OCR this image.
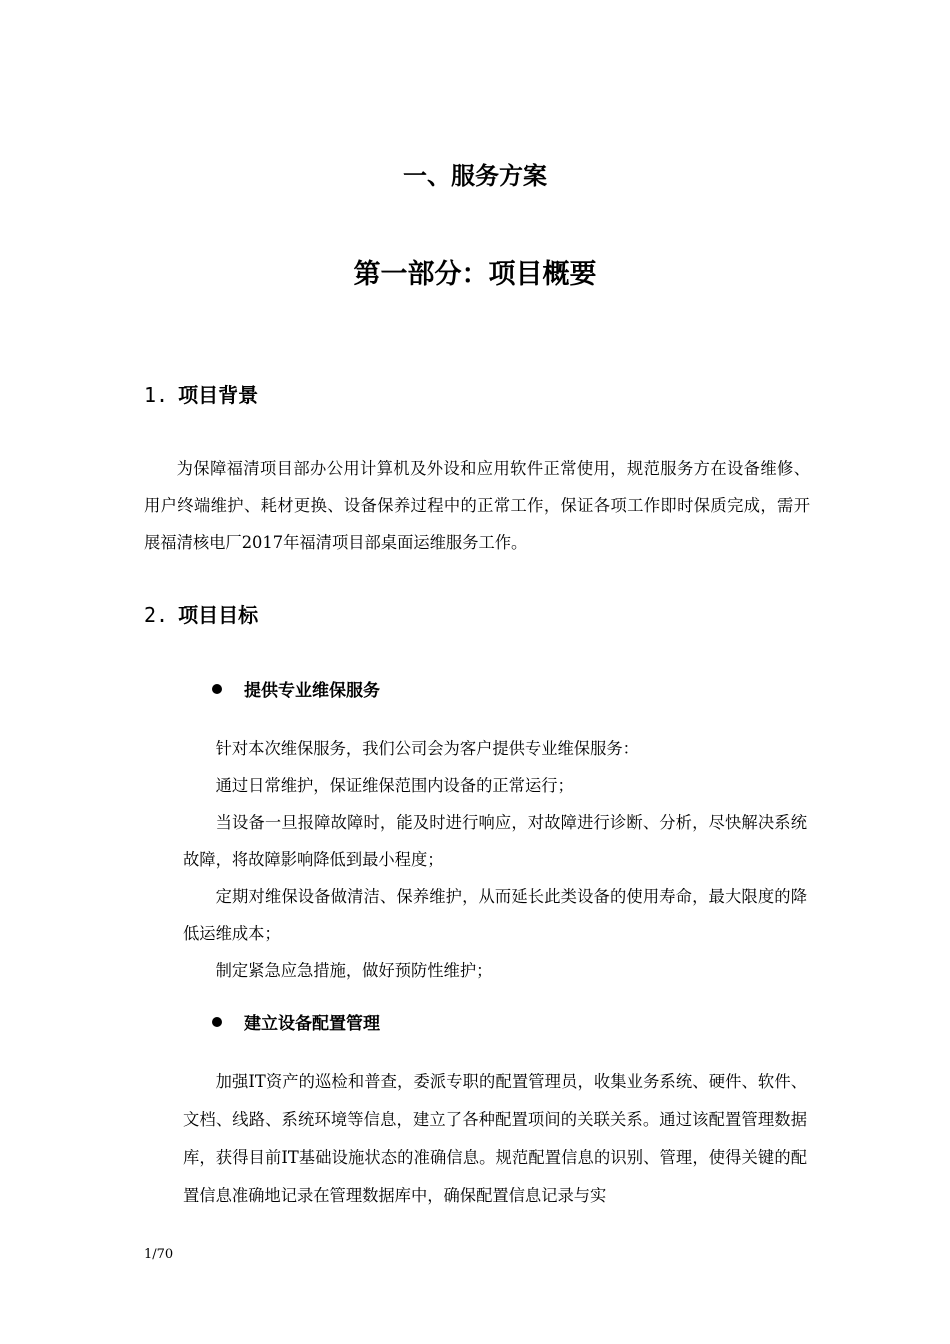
一、服务方案
第一部分：项目概要
1. 项目背景
为保障福清项目部办公用计算机及外设和应用软件正常使用，规范服务方在设备维修、用户终端维护、耗材更换、设备保养过程中的正常工作，保证各项工作即时保质完成，需开展福清核电厂2017年福清项目部桌面运维服务工作。
2. 项目目标
提供专业维保服务
针对本次维保服务，我们公司会为客户提供专业维保服务：
通过日常维护，保证维保范围内设备的正常运行；
当设备一旦报障故障时，能及时进行响应，对故障进行诊断、分析，尽快解决系统故障，将故障影响降低到最小程度；
定期对维保设备做清洁、保养维护，从而延长此类设备的使用寿命，最大限度的降低运维成本；
制定紧急应急措施，做好预防性维护；
建立设备配置管理
加强IT资产的巡检和普查，委派专职的配置管理员，收集业务系统、硬件、软件、文档、线路、系统环境等信息，建立了各种配置项间的关联关系。通过该配置管理数据库，获得目前IT基础设施状态的准确信息。规范配置信息的识别、管理，使得关键的配置信息准确地记录在管理数据库中，确保配置信息记录与实
1/70
